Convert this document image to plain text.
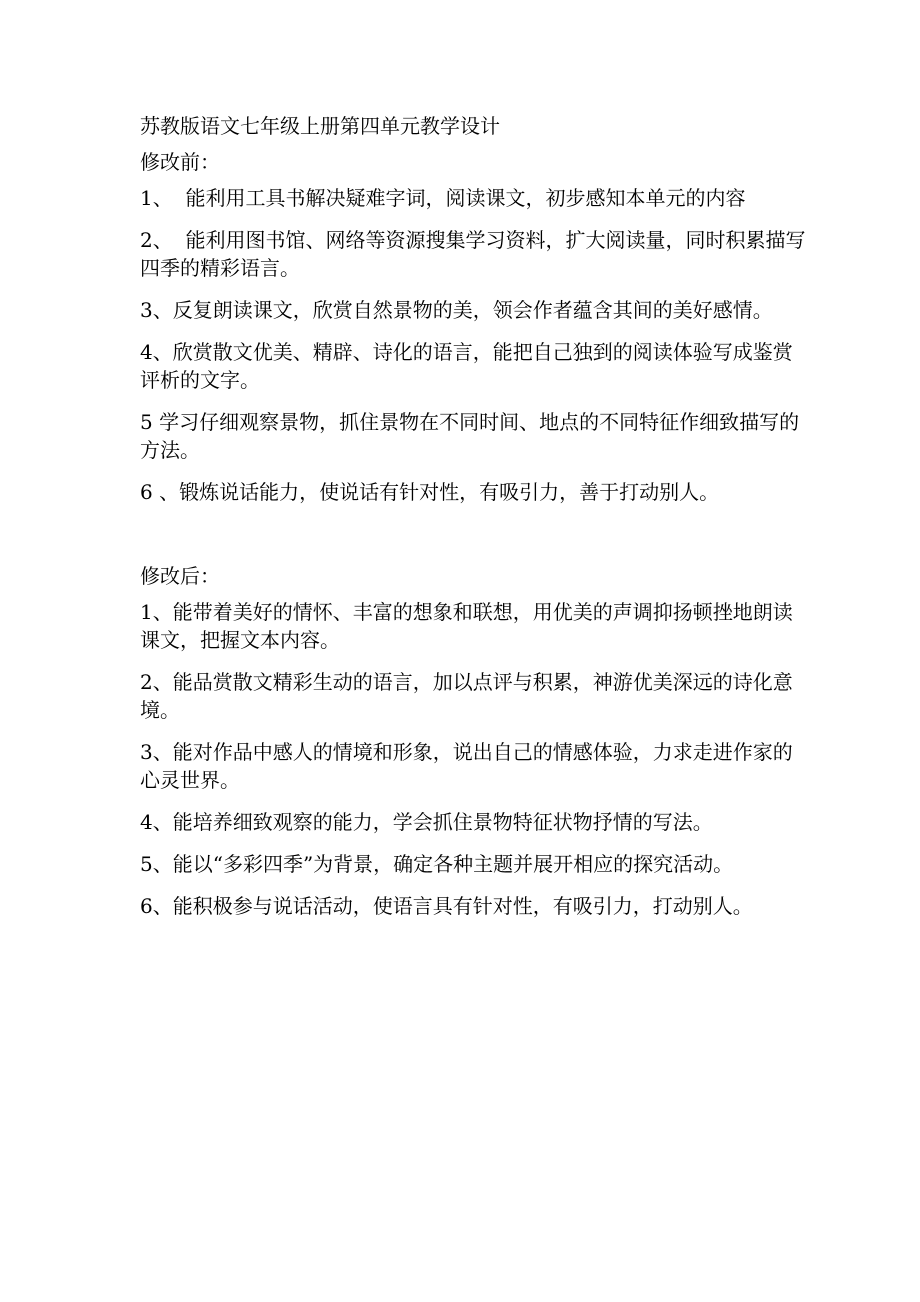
苏教版语文七年级上册第四单元教学设计
修改前：
1、  能利用工具书解决疑难字词，阅读课文，初步感知本单元的内容
2、  能利用图书馆、网络等资源搜集学习资料，扩大阅读量，同时积累描写四季的精彩语言。
3、反复朗读课文，欣赏自然景物的美，领会作者蕴含其间的美好感情。
4、欣赏散文优美、精辟、诗化的语言，能把自己独到的阅读体验写成鉴赏评析的文字。
5 学习仔细观察景物，抓住景物在不同时间、地点的不同特征作细致描写的方法。
6 、锻炼说话能力，使说话有针对性，有吸引力，善于打动别人。
修改后：
1、能带着美好的情怀、丰富的想象和联想，用优美的声调抑扬顿挫地朗读课文，把握文本内容。
2、能品赏散文精彩生动的语言，加以点评与积累，神游优美深远的诗化意境。
3、能对作品中感人的情境和形象，说出自己的情感体验，力求走进作家的心灵世界。
4、能培养细致观察的能力，学会抓住景物特征状物抒情的写法。
5、能以“多彩四季”为背景，确定各种主题并展开相应的探究活动。
6、能积极参与说话活动，使语言具有针对性，有吸引力，打动别人。
